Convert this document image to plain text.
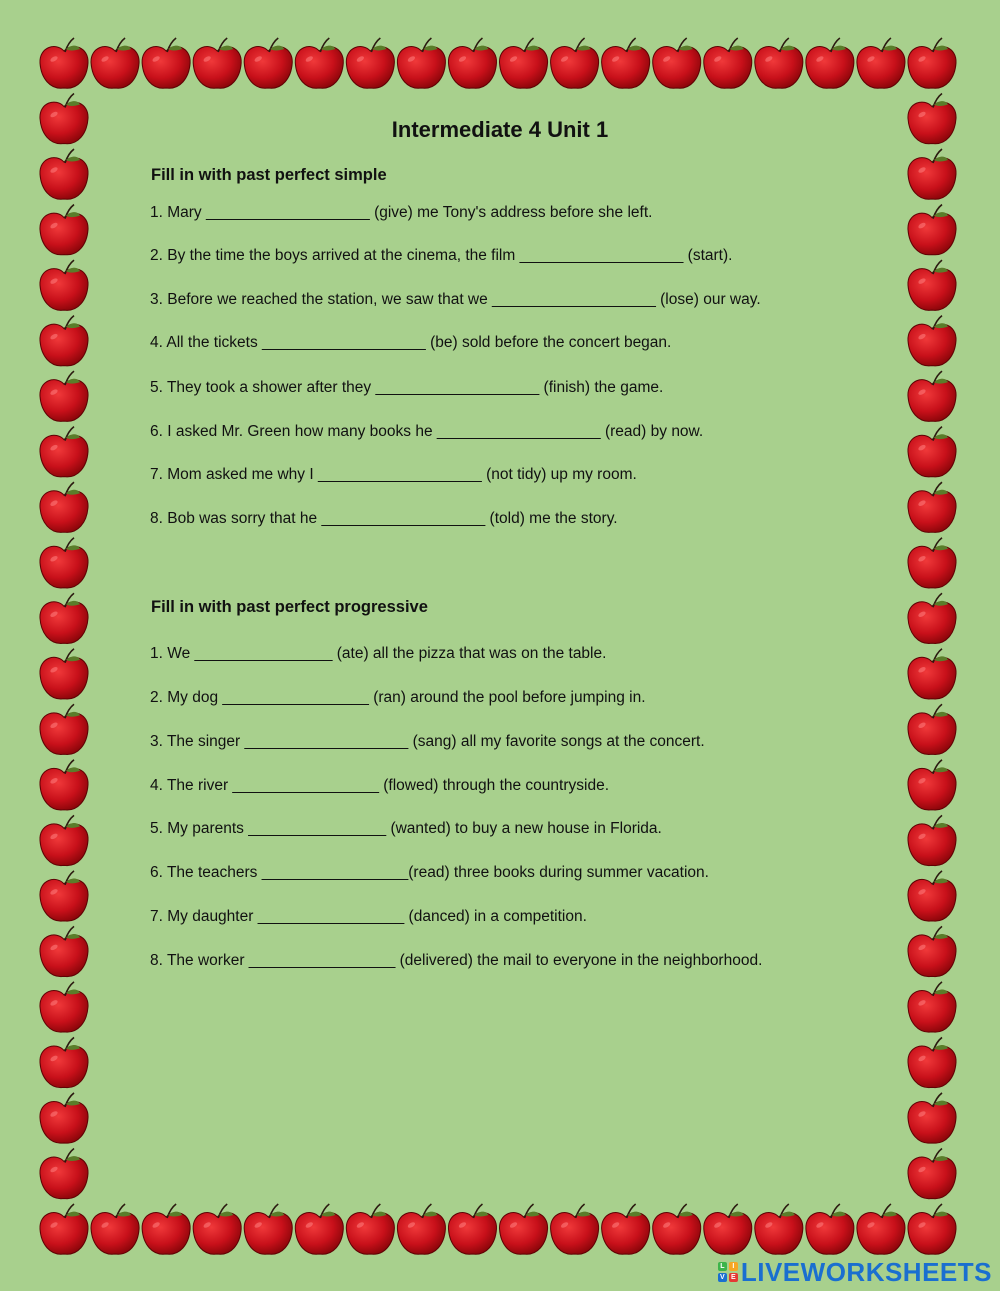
Intermediate 4 Unit 1
Fill in with past perfect simple
1. Mary ___________________ (give) me Tony's address before she left.
2. By the time the boys arrived at the cinema, the film ___________________ (start).
3. Before we reached the station, we saw that we ___________________ (lose) our way.
4. All the tickets ___________________ (be) sold before the concert began.
5. They took a shower after they ___________________ (finish) the game.
6. I asked Mr. Green how many books he ___________________ (read) by now.
7. Mom asked me why I ___________________ (not tidy) up my room.
8. Bob was sorry that he ___________________ (told) me the story.
Fill in with past perfect progressive
1. We ________________ (ate) all the pizza that was on the table.
2. My dog _________________ (ran) around the pool before jumping in.
3. The singer ___________________ (sang) all my favorite songs at the concert.
4. The river _________________ (flowed) through the countryside.
5. My parents ________________ (wanted) to buy a new house in Florida.
6. The teachers _________________(read) three books during summer vacation.
7. My daughter _________________ (danced) in a competition.
8. The worker _________________ (delivered) the mail to everyone in the neighborhood.
L	I
V E LIVEWORKSHEETS
